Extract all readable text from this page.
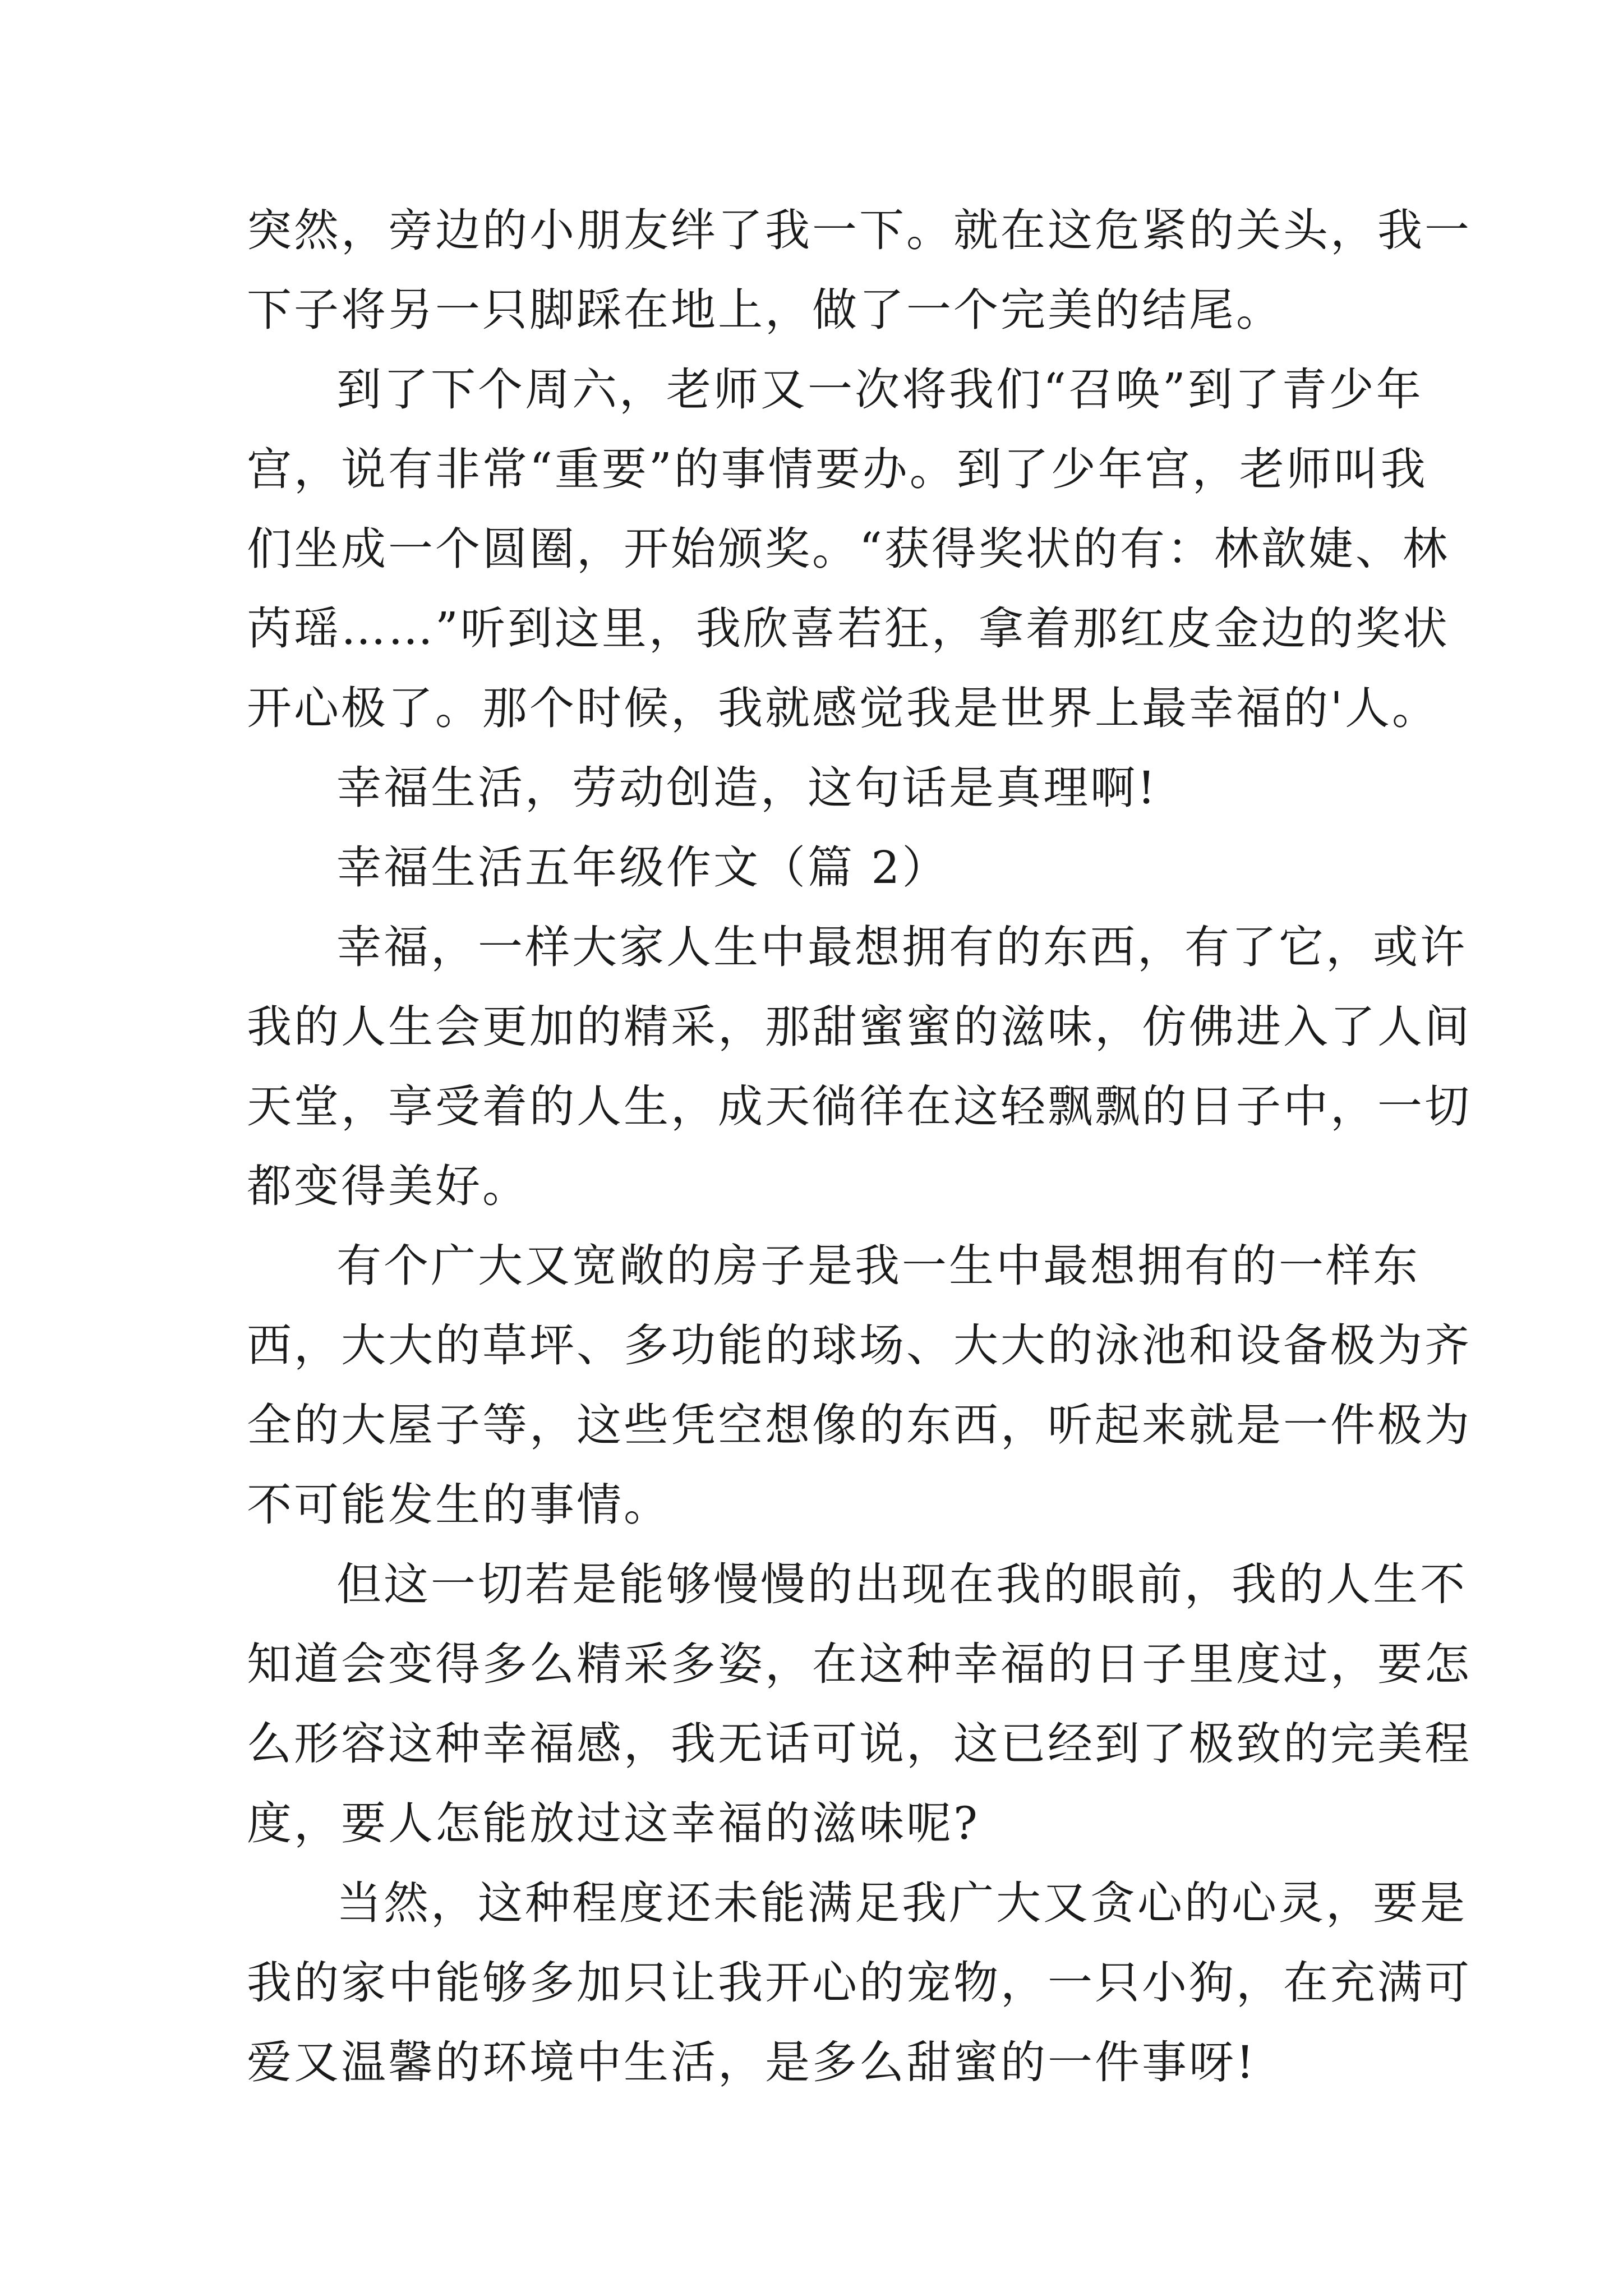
突然，旁边的小朋友绊了我一下。就在这危紧的关头，我一
下子将另一只脚踩在地上，做了一个完美的结尾。
到了下个周六，老师又一次将我们“召唤”到了青少年
宫，说有非常“重要”的事情要办。到了少年宫，老师叫我
们坐成一个圆圈，开始颁奖。“获得奖状的有：林歆婕、林
芮瑶……”听到这里，我欣喜若狂，拿着那红皮金边的奖状
开心极了。那个时候，我就感觉我是世界上最幸福的'人。
幸福生活，劳动创造，这句话是真理啊!
幸福生活五年级作文（篇 2）
幸福，一样大家人生中最想拥有的东西，有了它，或许
我的人生会更加的精采，那甜蜜蜜的滋味，仿佛进入了人间
天堂，享受着的人生，成天徜徉在这轻飘飘的日子中，一切
都变得美好。
有个广大又宽敞的房子是我一生中最想拥有的一样东
西，大大的草坪、多功能的球场、大大的泳池和设备极为齐
全的大屋子等，这些凭空想像的东西，听起来就是一件极为
不可能发生的事情。
但这一切若是能够慢慢的出现在我的眼前，我的人生不
知道会变得多么精采多姿，在这种幸福的日子里度过，要怎
么形容这种幸福感，我无话可说，这已经到了极致的完美程
度，要人怎能放过这幸福的滋味呢?
当然，这种程度还未能满足我广大又贪心的心灵，要是
我的家中能够多加只让我开心的宠物，一只小狗，在充满可
爱又温馨的环境中生活，是多么甜蜜的一件事呀!
